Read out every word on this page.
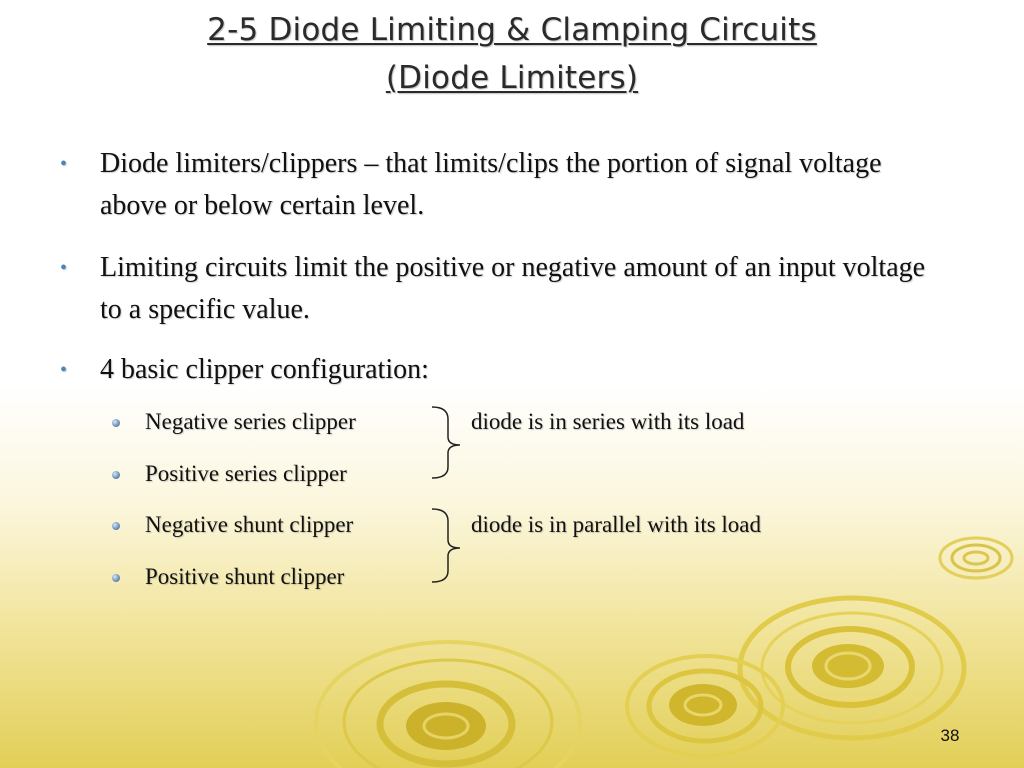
2-5 Diode Limiting & Clamping Circuits
(Diode Limiters)
• Diode limiters/clippers – that limits/clips the portion of signal voltage above or below certain level.
• Limiting circuits limit the positive or negative amount of an input voltage to a specific value.
• 4 basic clipper configuration:
Negative series clipper
Positive series clipper
Negative shunt clipper
Positive shunt clipper
diode is in series with its load
diode is in parallel with its load
38
